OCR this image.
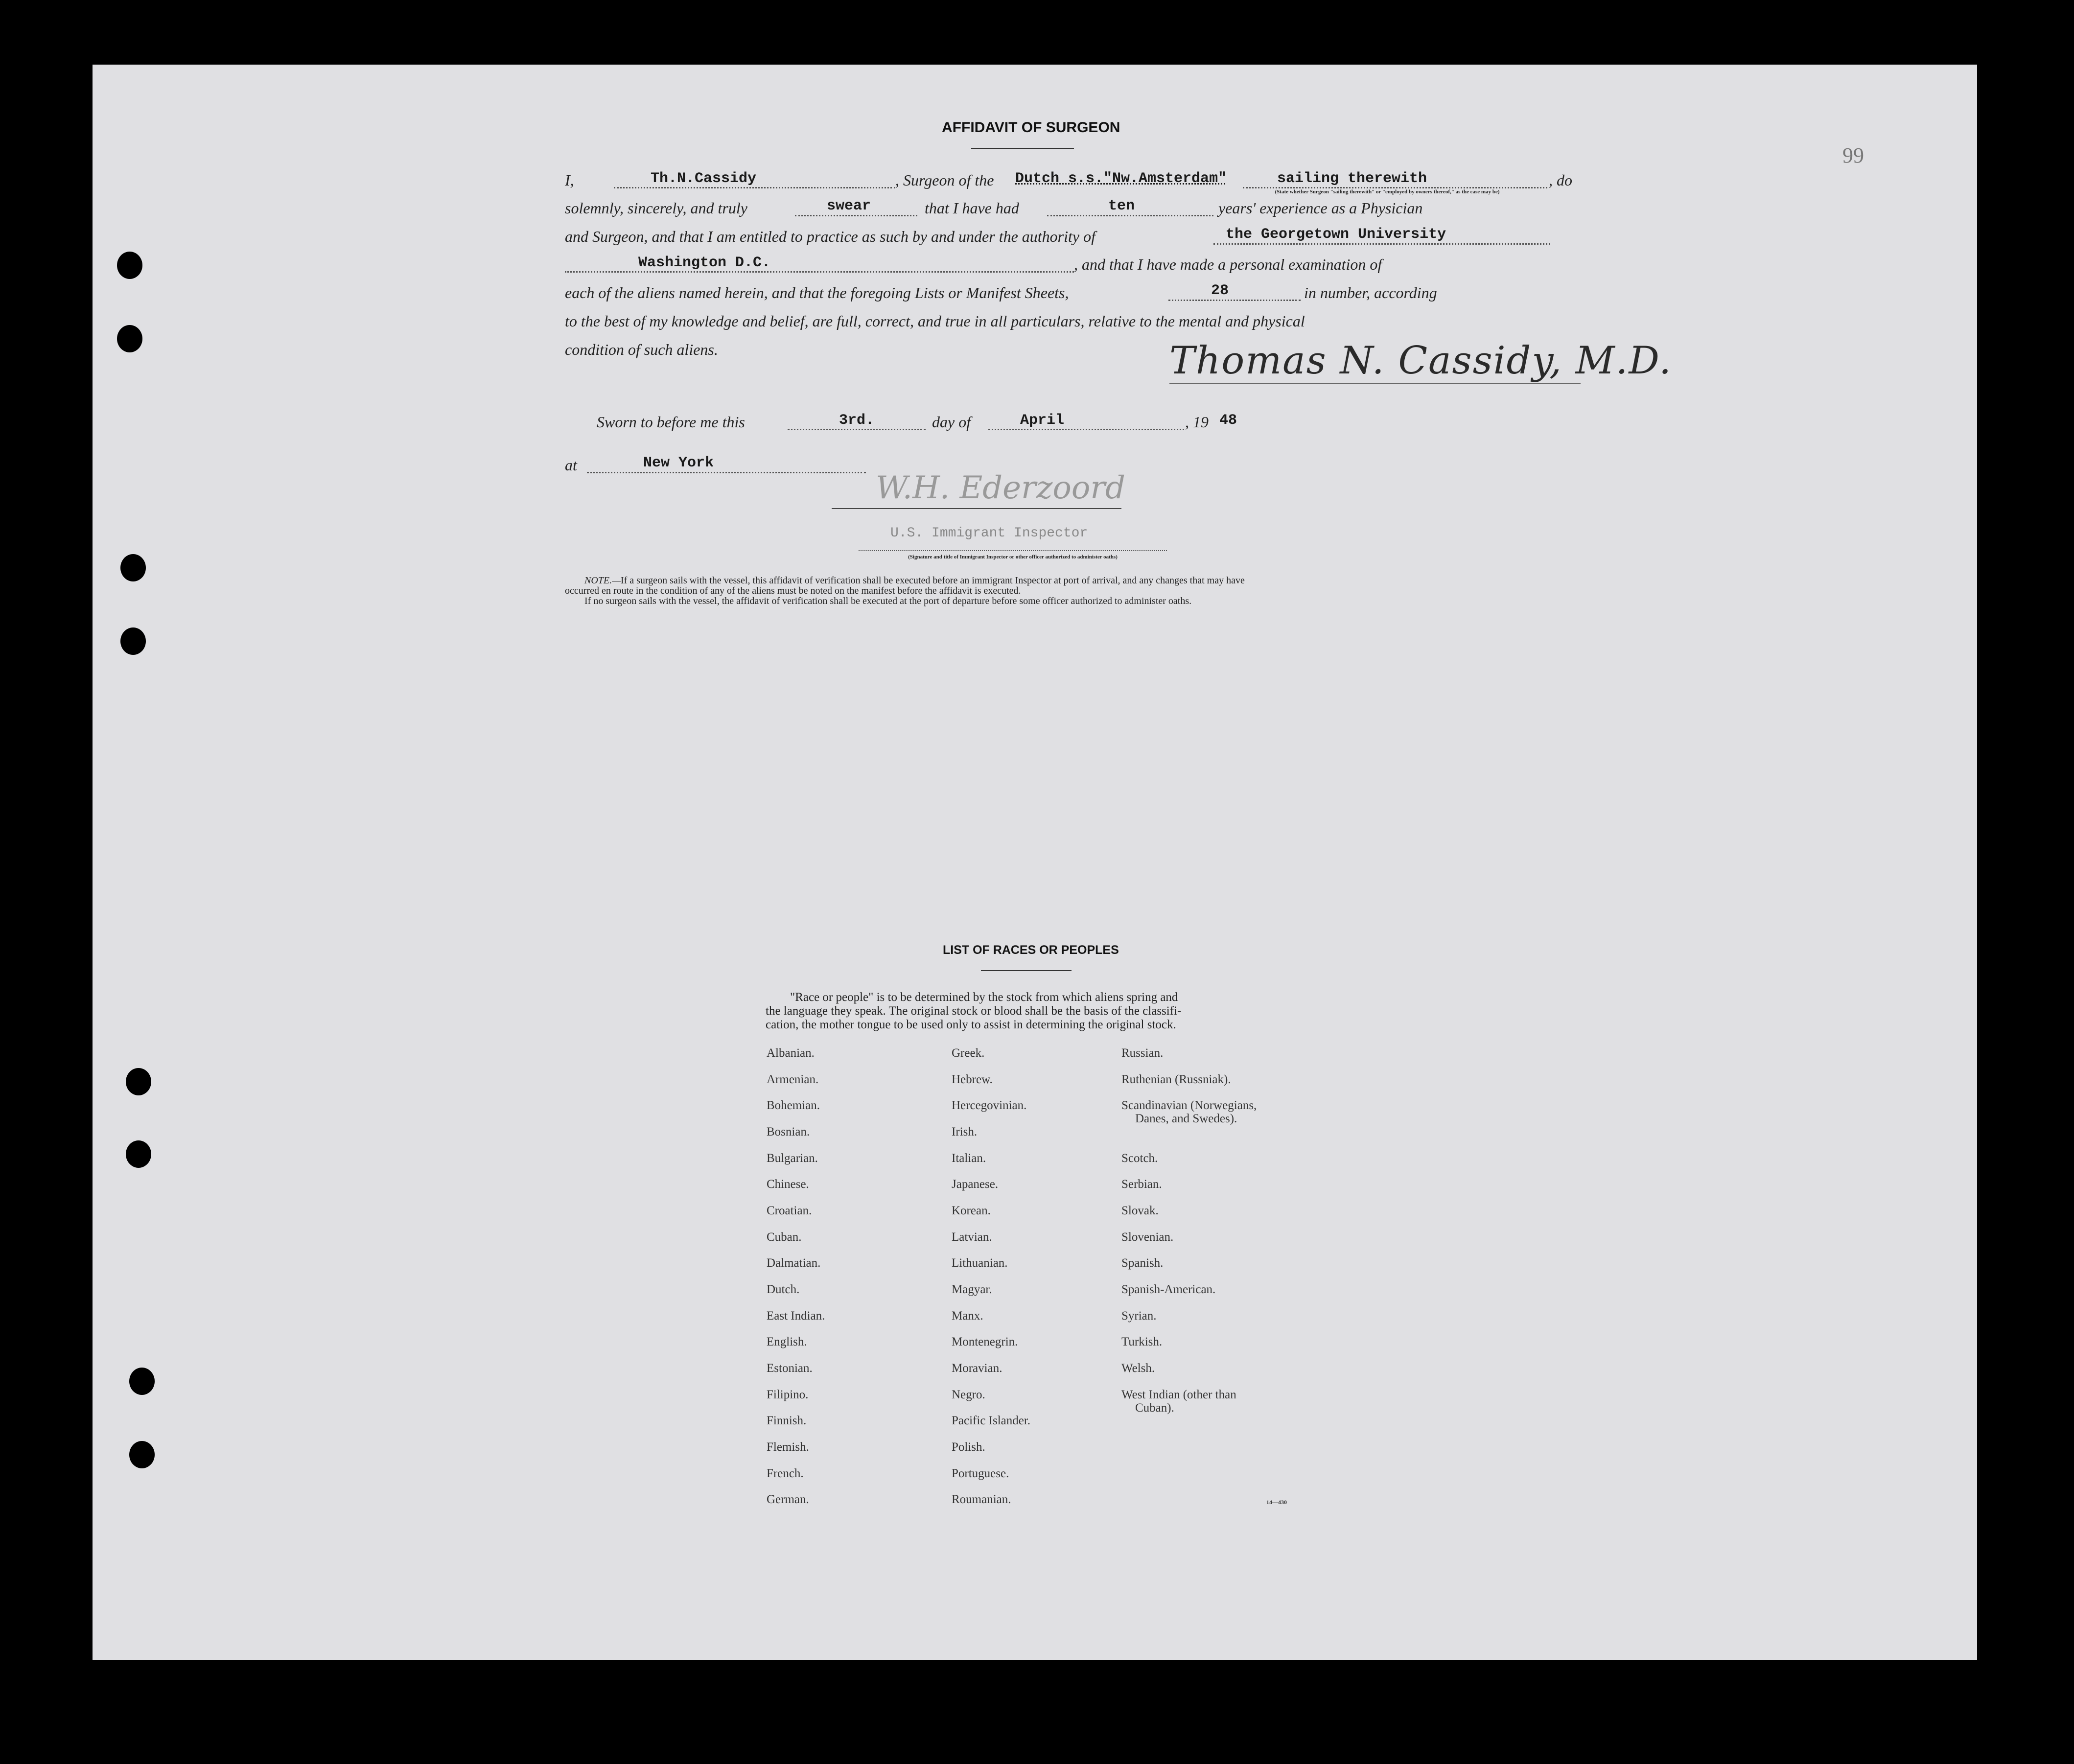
99
AFFIDAVIT OF SURGEON
I,	Th.N.Cassidy	, Surgeon of the Dutch s.s."Nw.Amsterdam"	sailing therewith	, do
(State whether Surgeon "sailing therewith" or "employed by owners thereof," as the case may be)
solemnly, sincerely, and truly	swear	that I have had	ten	years' experience as a Physician
and Surgeon, and that I am entitled to practice as such by and under the authority of	the Georgetown University
Washington D.C.	, and that I have made a personal examination of
each of the aliens named herein, and that the foregoing Lists or Manifest Sheets,	28	in number, according
to the best of my knowledge and belief, are full, correct, and true in all particulars, relative to the mental and physical
condition of such aliens.	Thomas N. Cassidy, M.D.
Sworn to before me this	3rd.	day of	April	, 19 48
at	New York
W.H. Ederzoord
U.S. Immigrant Inspector
(Signature and title of Immigrant Inspector or other officer authorized to administer oaths)
NOTE.—If a surgeon sails with the vessel, this affidavit of verification shall be executed before an immigrant Inspector at port of arrival, and any changes that may have
occurred en route in the condition of any of the aliens must be noted on the manifest before the affidavit is executed.
If no surgeon sails with the vessel, the affidavit of verification shall be executed at the port of departure before some officer authorized to administer oaths.
LIST OF RACES OR PEOPLES
"Race or people" is to be determined by the stock from which aliens spring and
the language they speak. The original stock or blood shall be the basis of the classifi-
cation, the mother tongue to be used only to assist in determining the original stock.
Albanian.
Armenian.
Bohemian.
Bosnian.
Bulgarian.
Chinese.
Croatian.
Cuban.
Dalmatian.
Dutch.
East Indian.
English.
Estonian.
Filipino.
Finnish.
Flemish.
French.
German.
Greek.
Hebrew.
Hercegovinian.
Irish.
Italian.
Japanese.
Korean.
Latvian.
Lithuanian.
Magyar.
Manx.
Montenegrin.
Moravian.
Negro.
Pacific Islander.
Polish.
Portuguese.
Roumanian.
Russian.
Ruthenian (Russniak).
Scandinavian (Norwegians,
Danes, and Swedes).
Scotch.
Serbian.
Slovak.
Slovenian.
Spanish.
Spanish-American.
Syrian.
Turkish.
Welsh.
West Indian (other than
Cuban).
14—430
